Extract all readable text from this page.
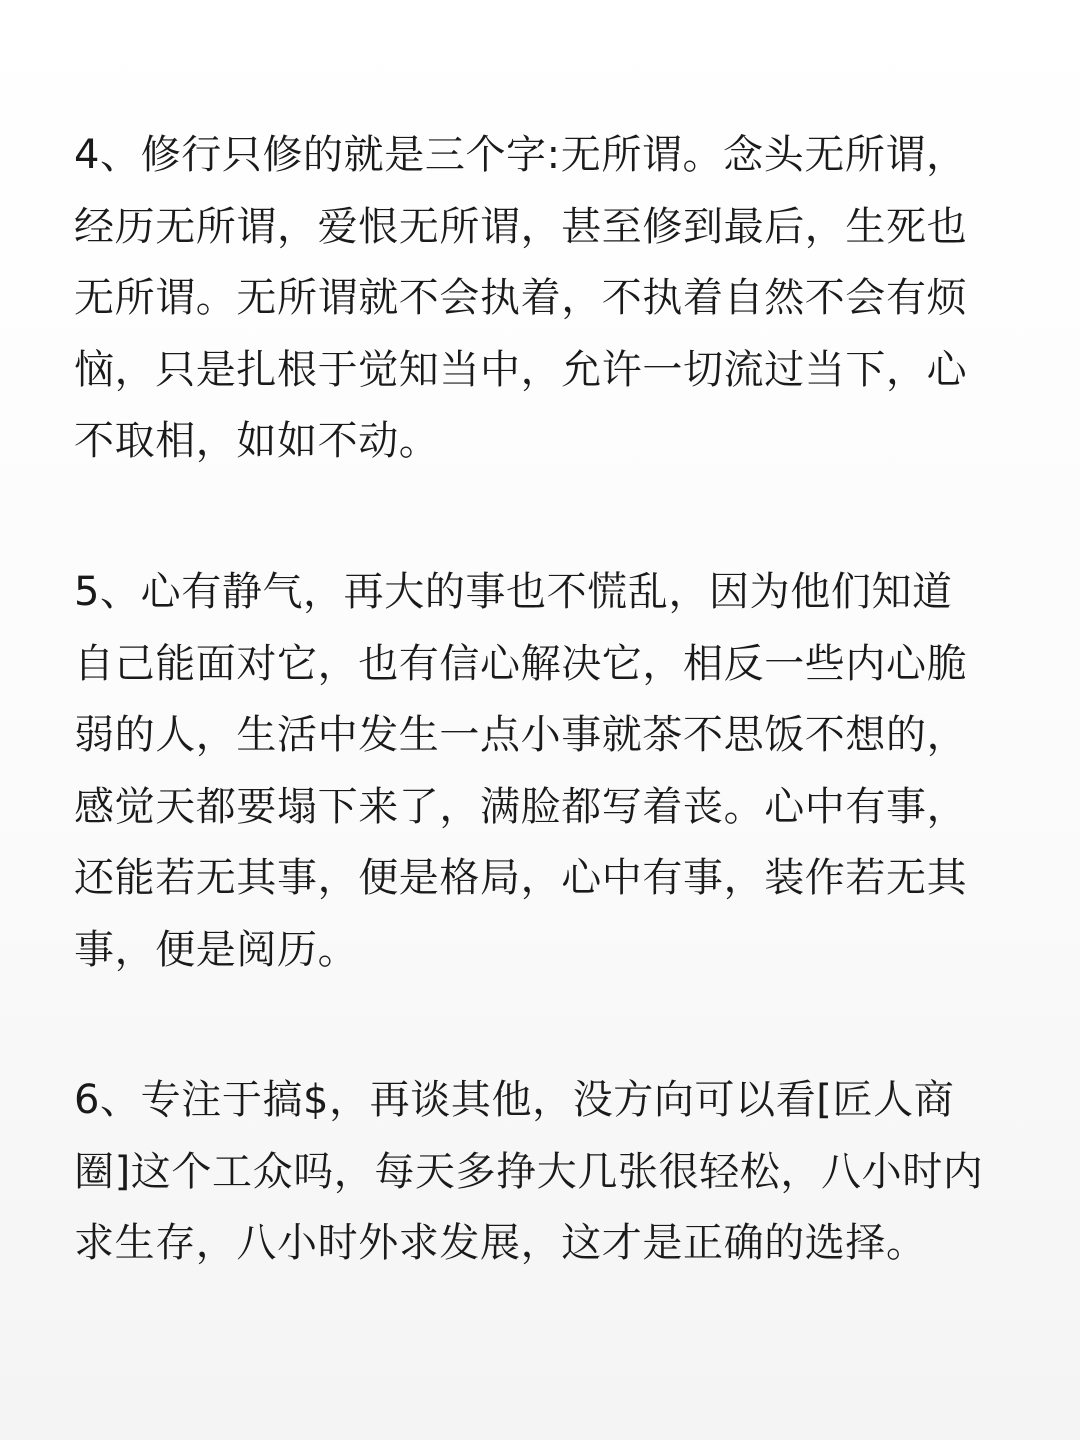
4、修行只修的就是三个字:无所谓。念头无所谓，
经历无所谓，爱恨无所谓，甚至修到最后，生死也
无所谓。无所谓就不会执着，不执着自然不会有烦
恼，只是扎根于觉知当中，允许一切流过当下，心
不取相，如如不动。

5、心有静气，再大的事也不慌乱，因为他们知道
自己能面对它，也有信心解决它，相反一些内心脆
弱的人，生活中发生一点小事就茶不思饭不想的，
感觉天都要塌下来了，满脸都写着丧。心中有事，
还能若无其事，便是格局，心中有事，装作若无其
事，便是阅历。

6、专注于搞$，再谈其他，没方向可以看[匠人商
圈]这个工众吗，每天多挣大几张很轻松，八小时内
求生存，八小时外求发展，这才是正确的选择。
